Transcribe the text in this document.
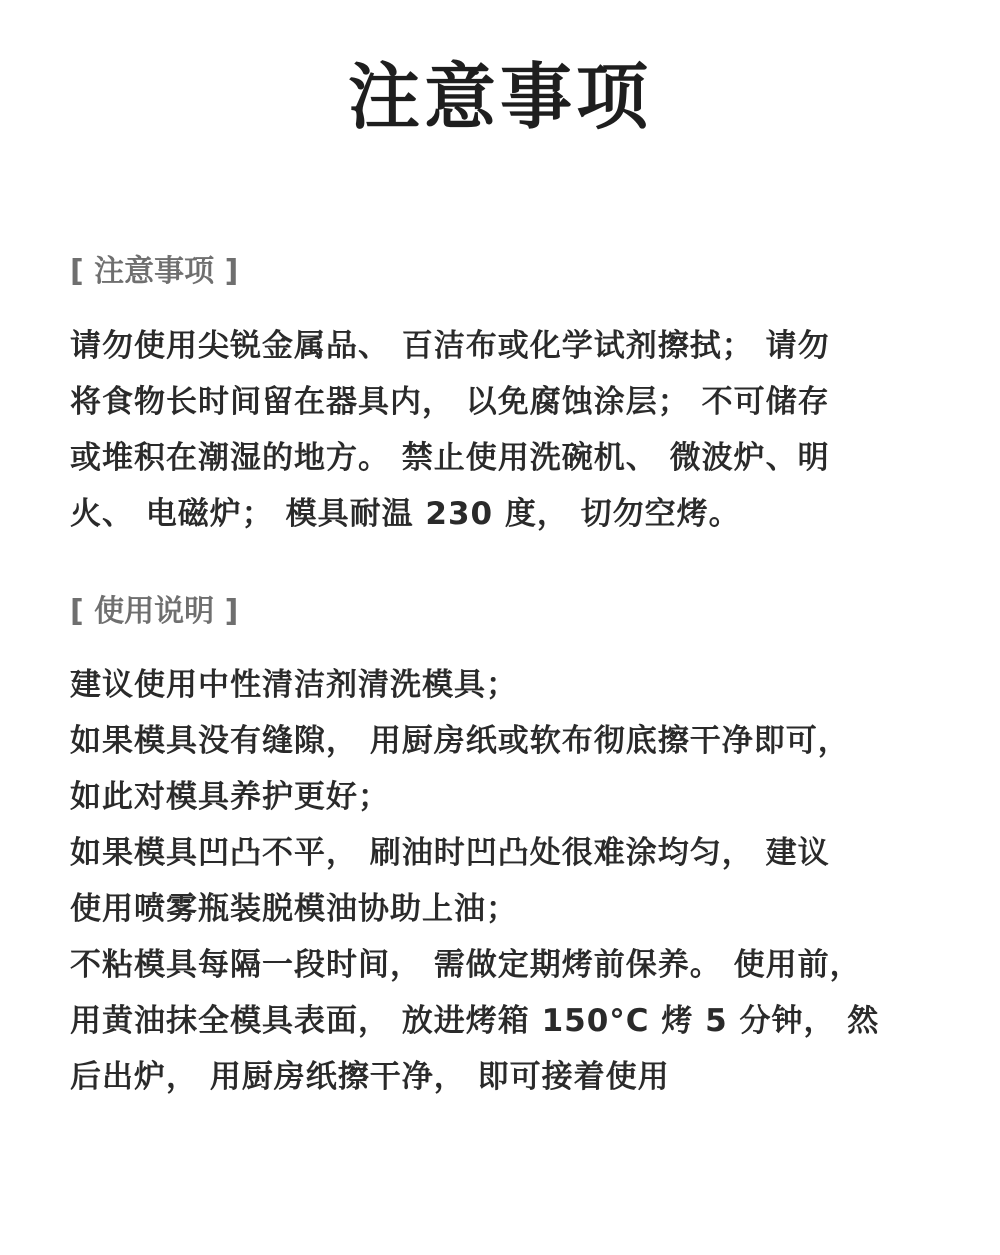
注意事项
[ 注意事项 ]

请勿使用尖锐金属品、 百洁布或化学试剂擦拭； 请勿

将食物长时间留在器具内， 以免腐蚀涂层； 不可储存

或堆积在潮湿的地方。 禁止使用洗碗机、 微波炉、明

火、 电磁炉； 模具耐温 230 度， 切勿空烤。

[ 使用说明 ]

建议使用中性清洁剂清洗模具；

如果模具没有缝隙， 用厨房纸或软布彻底擦干净即可，

如此对模具养护更好；

如果模具凹凸不平， 刷油时凹凸处很难涂均匀， 建议

使用喷雾瓶装脱模油协助上油；

不粘模具每隔一段时间， 需做定期烤前保养。 使用前，

用黄油抹全模具表面， 放进烤箱 150°C 烤 5 分钟， 然

后出炉， 用厨房纸擦干净， 即可接着使用
